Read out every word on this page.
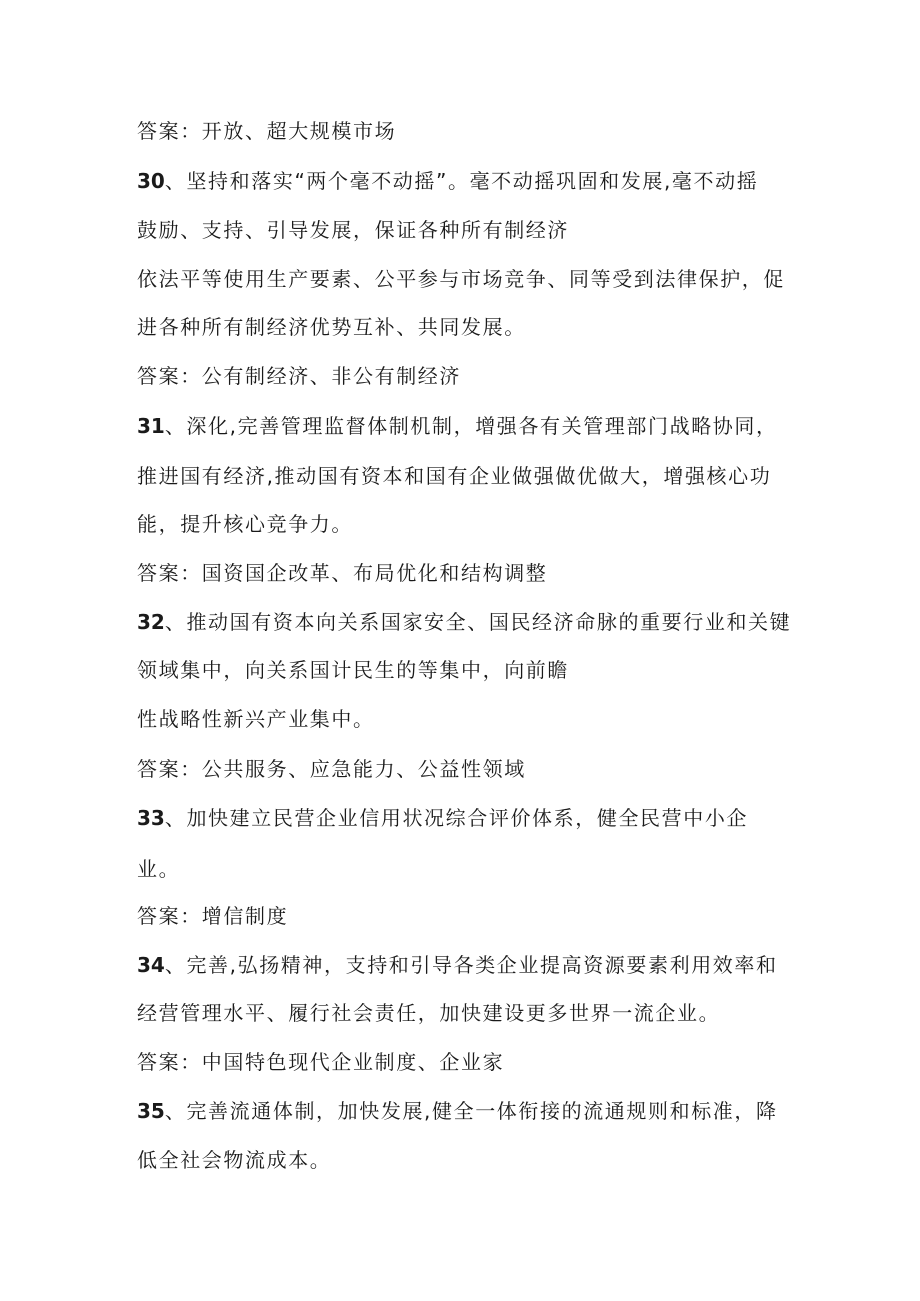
答案：开放、超大规模市场
30、坚持和落实“两个毫不动摇”。毫不动摇巩固和发展,毫不动摇
鼓励、支持、引导发展，保证各种所有制经济
依法平等使用生产要素、公平参与市场竞争、同等受到法律保护，促
进各种所有制经济优势互补、共同发展。
答案：公有制经济、非公有制经济
31、深化,完善管理监督体制机制，增强各有关管理部门战略协同，
推进国有经济,推动国有资本和国有企业做强做优做大，增强核心功
能，提升核心竞争力。
答案：国资国企改革、布局优化和结构调整
32、推动国有资本向关系国家安全、国民经济命脉的重要行业和关键
领域集中，向关系国计民生的等集中，向前瞻
性战略性新兴产业集中。
答案：公共服务、应急能力、公益性领域
33、加快建立民营企业信用状况综合评价体系，健全民营中小企
业。
答案：增信制度
34、完善,弘扬精神，支持和引导各类企业提高资源要素利用效率和
经营管理水平、履行社会责任，加快建设更多世界一流企业。
答案：中国特色现代企业制度、企业家
35、完善流通体制，加快发展,健全一体衔接的流通规则和标准，降
低全社会物流成本。
